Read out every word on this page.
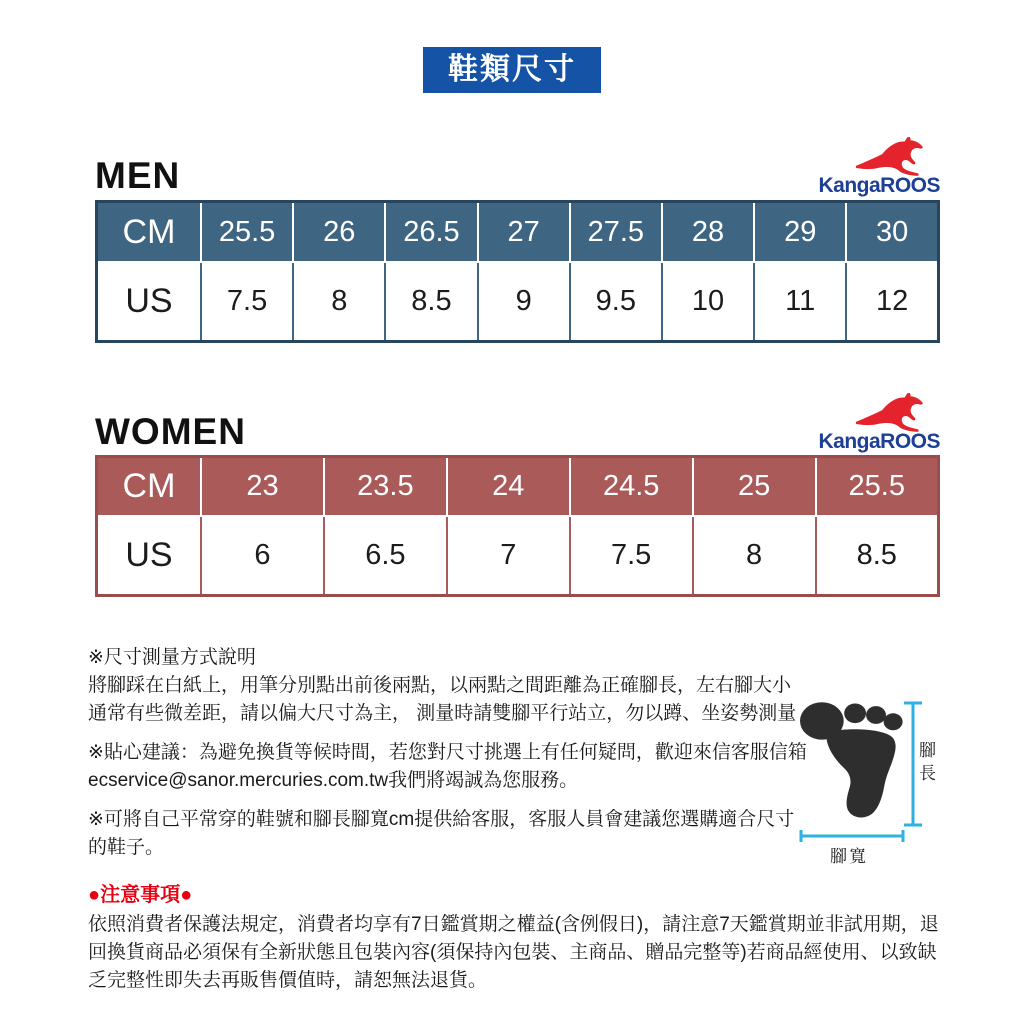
鞋類尺寸
MEN	KangaROOS
CM	25.5	26	26.5	27	27.5	28	29	30
US	7.5	8	8.5	9	9.5	10	11	12
WOMEN	KangaROOS
CM	23	23.5	24	24.5	25	25.5
US	6	6.5	7	7.5	8	8.5

※尺寸測量方式說明

將腳踩在白紙上，用筆分別點出前後兩點，以兩點之間距離為正確腳長，左右腳大小通常有些微差距，請以偏大尺寸為主， 測量時請雙腳平行站立，勿以蹲、坐姿勢測量

※貼心建議：為避免換貨等候時間，若您對尺寸挑選上有任何疑問，歡迎來信客服信箱ecservice@sanor.mercuries.com.tw我們將竭誠為您服務。

※可將自己平常穿的鞋號和腳長腳寬cm提供給客服，客服人員會建議您選購適合尺寸的鞋子。

●注意事項●

依照消費者保護法規定，消費者均享有7日鑑賞期之權益(含例假日)，請注意7天鑑賞期並非試用期，退回換貨商品必須保有全新狀態且包裝內容(須保持內包裝、主商品、贈品完整等)若商品經使用、以致缺乏完整性即失去再販售價值時，請恕無法退貨。

腳長
腳寬
